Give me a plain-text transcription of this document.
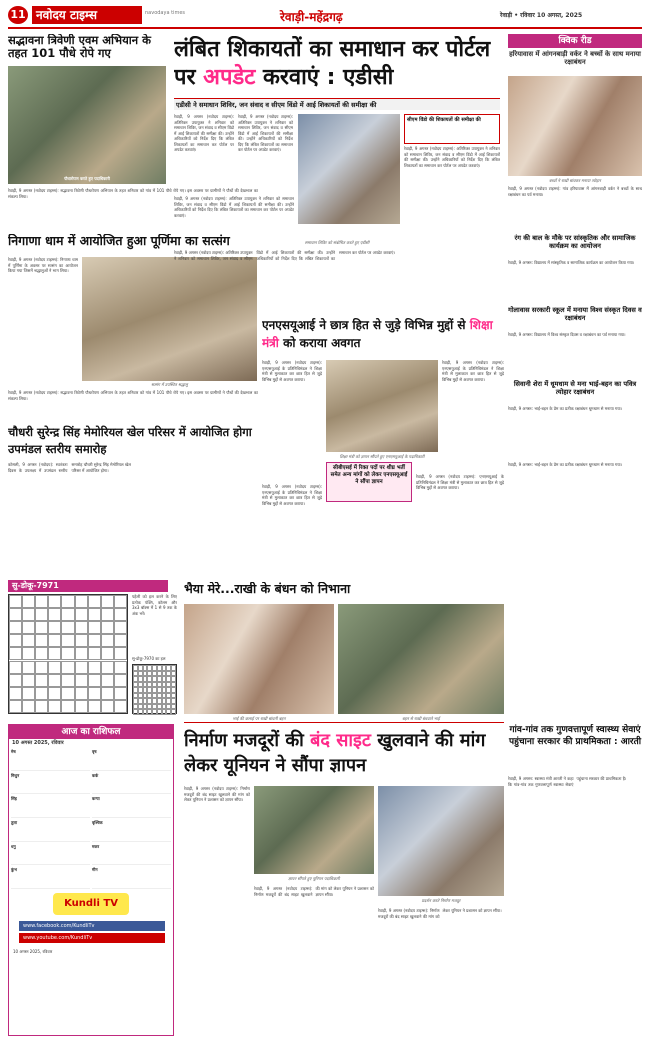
11 नवोदय टाइम्स	navodaya times	रेवाड़ी-महेंद्रगढ़	रेवाड़ी • रविवार 10 अगस्त, 2025
सद्भावना त्रिवेणी एवम अभियान के तहत 101 पौधे रोपे गए
पौधारोपण करते हुए पदाधिकारी
रेवाड़ी, 9 अगस्त (नवोदय टाइम्स): सद्भावना त्रिवेणी पौधरोपण अभियान के तहत शनिवार को गांव में 101 पौधे रोपे गए। इस अवसर पर ग्रामीणों ने पौधों की देखभाल का संकल्प लिया।
निगाणा धाम में आयोजित हुआ पूर्णिमा का सत्संग
रेवाड़ी, 9 अगस्त (नवोदय टाइम्स): निगाणा धाम में पूर्णिमा के अवसर पर सत्संग का आयोजन किया गया जिसमें श्रद्धालुओं ने भाग लिया।
सत्संग में उपस्थित श्रद्धालु
रेवाड़ी, 9 अगस्त (नवोदय टाइम्स): सद्भावना त्रिवेणी पौधरोपण अभियान के तहत शनिवार को गांव में 101 पौधे रोपे गए। इस अवसर पर ग्रामीणों ने पौधों की देखभाल का संकल्प लिया।
लंबित शिकायतों का समाधान कर पोर्टल पर अपडेट करवाएं : एडीसी
एडीसी ने समाधान शिविर, जन संवाद व सीएम विंडो में आई शिकायतों की समीक्षा की
रेवाड़ी, 9 अगस्त (नवोदय टाइम्स): अतिरिक्त उपायुक्त ने शनिवार को समाधान शिविर, जन संवाद व सीएम विंडो में आई शिकायतों की समीक्षा की। उन्होंने अधिकारियों को निर्देश दिए कि लंबित शिकायतों का समाधान कर पोर्टल पर अपडेट करवाएं।
रेवाड़ी, 9 अगस्त (नवोदय टाइम्स): अतिरिक्त उपायुक्त ने शनिवार को समाधान शिविर, जन संवाद व सीएम विंडो में आई शिकायतों की समीक्षा की। उन्होंने अधिकारियों को निर्देश दिए कि लंबित शिकायतों का समाधान कर पोर्टल पर अपडेट करवाएं।
सीएम विंडो की शिकायतों की समीक्षा की
रेवाड़ी, 9 अगस्त (नवोदय टाइम्स): अतिरिक्त उपायुक्त ने शनिवार को समाधान शिविर, जन संवाद व सीएम विंडो में आई शिकायतों की समीक्षा की। उन्होंने अधिकारियों को निर्देश दिए कि लंबित शिकायतों का समाधान कर पोर्टल पर अपडेट करवाएं।
समाधान शिविर को संबोधित करते हुए एडीसी
रेवाड़ी, 9 अगस्त (नवोदय टाइम्स): अतिरिक्त उपायुक्त ने शनिवार को समाधान शिविर, जन संवाद व सीएम विंडो में आई शिकायतों की समीक्षा की। उन्होंने अधिकारियों को निर्देश दिए कि लंबित शिकायतों का समाधान कर पोर्टल पर अपडेट करवाएं।
रेवाड़ी, 9 अगस्त (नवोदय टाइम्स): अतिरिक्त उपायुक्त ने शनिवार को समाधान शिविर, जन संवाद व सीएम विंडो में आई शिकायतों की समीक्षा की। उन्होंने अधिकारियों को निर्देश दिए कि लंबित शिकायतों का समाधान कर पोर्टल पर अपडेट करवाएं।
क्विक रीड
हरियावास में आंगनबाड़ी वर्कर ने बच्चों के साथ मनाया रक्षाबंधन
बच्चों ने राखी बांधकर मनाया त्योहार
रेवाड़ी, 9 अगस्त (नवोदय टाइम्स): गांव हरियावास में आंगनबाड़ी वर्कर ने बच्चों के साथ रक्षाबंधन का पर्व मनाया।
रंग की बाल के मौके पर सांस्कृतिक और सामाजिक कार्यक्रम का आयोजन
रेवाड़ी, 9 अगस्त: विद्यालय में सांस्कृतिक व सामाजिक कार्यक्रम का आयोजन किया गया।
गोलावास सरकारी स्कूल में मनाया विश्व संस्कृत दिवस व रक्षाबंधन
रेवाड़ी, 9 अगस्त: विद्यालय में विश्व संस्कृत दिवस व रक्षाबंधन का पर्व मनाया गया।
सिवानी शेरा में धूमधाम से मना भाई-बहन का पवित्र त्योहार रक्षाबंधन
रेवाड़ी, 9 अगस्त: भाई-बहन के प्रेम का प्रतीक रक्षाबंधन धूमधाम से मनाया गया।
एनएसयूआई ने छात्र हित से जुड़े विभिन्न मुद्दों से शिक्षा मंत्री को कराया अवगत
रेवाड़ी, 9 अगस्त (नवोदय टाइम्स): एनएसयूआई के प्रतिनिधिमंडल ने शिक्षा मंत्री से मुलाकात कर छात्र हित से जुड़े विभिन्न मुद्दों से अवगत कराया।
शिक्षा मंत्री को ज्ञापन सौंपते हुए एनएसयूआई के पदाधिकारी
रेवाड़ी, 9 अगस्त (नवोदय टाइम्स): एनएसयूआई के प्रतिनिधिमंडल ने शिक्षा मंत्री से मुलाकात कर छात्र हित से जुड़े विभिन्न मुद्दों से अवगत कराया।
सीबीएसई में रिक्त पदों पर शीघ्र भर्ती समेत अन्य मांगों को लेकर एनएसयूआई ने सौंपा ज्ञापन
रेवाड़ी, 9 अगस्त (नवोदय टाइम्स): एनएसयूआई के प्रतिनिधिमंडल ने शिक्षा मंत्री से मुलाकात कर छात्र हित से जुड़े विभिन्न मुद्दों से अवगत कराया।
रेवाड़ी, 9 अगस्त (नवोदय टाइम्स): एनएसयूआई के प्रतिनिधिमंडल ने शिक्षा मंत्री से मुलाकात कर छात्र हित से जुड़े विभिन्न मुद्दों से अवगत कराया।
चौधरी सुरेन्द्र सिंह मेमोरियल खेल परिसर में आयोजित होगा उपमंडल स्तरीय समारोह
कोसली, 9 अगस्त (नवोदय): स्वतंत्रता दिवस के उपलक्ष्य में उपमंडल स्तरीय समारोह चौधरी सुरेन्द्र सिंह मेमोरियल खेल परिसर में आयोजित होगा।
सु-डोकू-7971
पहेली को हल करने के लिए प्रत्येक पंक्ति, कॉलम और 3x3 बॉक्स में 1 से 9 तक के अंक भरें।
सु-डोकू-7970 का हल
भैया मेरे...राखी के बंधन को निभाना
भाई की कलाई पर राखी बांधती बहन	बहन से राखी बंधवाते भाई
रेवाड़ी, 9 अगस्त: भाई-बहन के प्रेम का प्रतीक रक्षाबंधन धूमधाम से मनाया गया।
आज का राशिफल
10 अगस्त 2025, रविवार
मेष	वृष
मिथुन	कर्क
सिंह	कन्या
तुला	वृश्चिक
धनु	मकर
कुंभ	मीन
Kundli TV
www.facebook.com/KundliTv
www.youtube.com/KundliTv
10 अगस्त 2025, रविवार
निर्माण मजदूरों की बंद साइट खुलवाने की मांग लेकर यूनियन ने सौंपा ज्ञापन
रेवाड़ी, 9 अगस्त (नवोदय टाइम्स): निर्माण मजदूरों की बंद साइट खुलवाने की मांग को लेकर यूनियन ने प्रशासन को ज्ञापन सौंपा।
ज्ञापन सौंपते हुए यूनियन पदाधिकारी
प्रदर्शन करते निर्माण मजदूर
रेवाड़ी, 9 अगस्त (नवोदय टाइम्स): निर्माण मजदूरों की बंद साइट खुलवाने की मांग को लेकर यूनियन ने प्रशासन को ज्ञापन सौंपा।
रेवाड़ी, 9 अगस्त (नवोदय टाइम्स): निर्माण मजदूरों की बंद साइट खुलवाने की मांग को लेकर यूनियन ने प्रशासन को ज्ञापन सौंपा।
गांव-गांव तक गुणवत्तापूर्ण स्वास्थ्य सेवाएं पहुंचाना सरकार की प्राथमिकता : आरती
रेवाड़ी, 9 अगस्त: स्वास्थ्य मंत्री आरती ने कहा कि गांव-गांव तक गुणवत्तापूर्ण स्वास्थ्य सेवाएं पहुंचाना सरकार की प्राथमिकता है।
